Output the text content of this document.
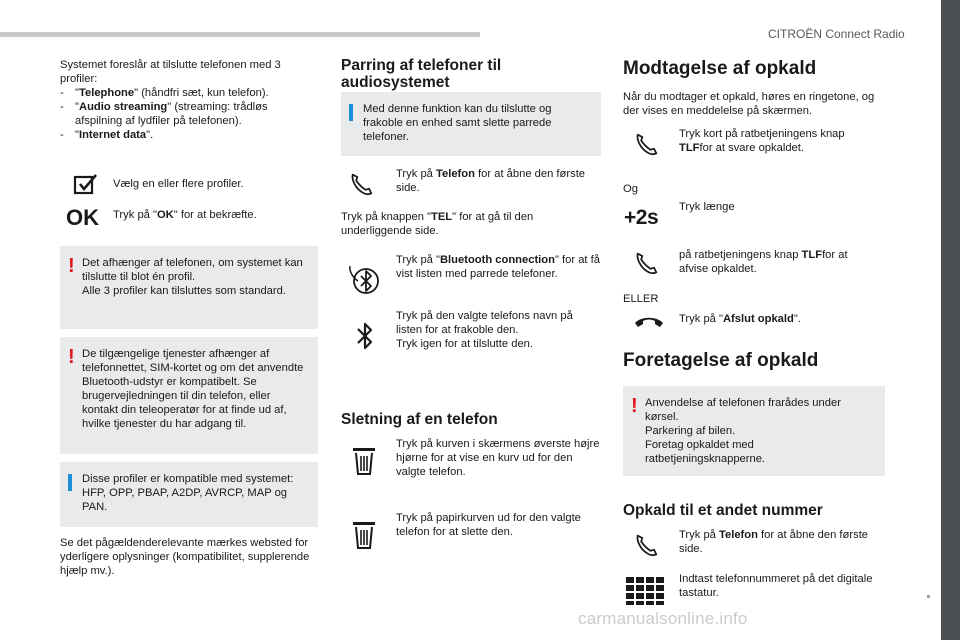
CITROËN Connect Radio
13
Systemet foreslår at tilslutte telefonen med 3 profiler:
- "Telephone" (håndfri sæt, kun telefon).
- "Audio streaming" (streaming: trådløs afspilning af lydfiler på telefonen).
- "Internet data".
Vælg en eller flere profiler.
OK Tryk på "OK" for at bekræfte.
! Det afhænger af telefonen, om systemet kan tilslutte til blot én profil.
Alle 3 profiler kan tilsluttes som standard.
! De tilgængelige tjenester afhænger af telefonnettet, SIM-kortet og om det anvendte Bluetooth-udstyr er kompatibelt. Se brugervejledningen til din telefon, eller kontakt din teleoperatør for at finde ud af, hvilke tjenester du har adgang til.
Disse profiler er kompatible med systemet: HFP, OPP, PBAP, A2DP, AVRCP, MAP og PAN.
Se det pågældenderelevante mærkes websted for yderligere oplysninger (kompatibilitet, supplerende hjælp mv.).
Parring af telefoner til audiosystemet
Med denne funktion kan du tilslutte og frakoble en enhed samt slette parrede telefoner.
Tryk på Telefon for at åbne den første side.
Tryk på knappen "TEL" for at gå til den underliggende side.
Tryk på "Bluetooth connection" for at få vist listen med parrede telefoner.
Tryk på den valgte telefons navn på listen for at frakoble den.
Tryk igen for at tilslutte den.
Sletning af en telefon
Tryk på kurven i skærmens øverste højre hjørne for at vise en kurv ud for den valgte telefon.
Tryk på papirkurven ud for den valgte telefon for at slette den.
Modtagelse af opkald
Når du modtager et opkald, høres en ringetone, og der vises en meddelelse på skærmen.
Tryk kort på ratbetjeningens knap TLFfor at svare opkaldet.
Og
+2s Tryk længe
på ratbetjeningens knap TLFfor at afvise opkaldet.
ELLER
Tryk på "Afslut opkald".
Foretagelse af opkald
! Anvendelse af telefonen frarådes under kørsel.
Parkering af bilen.
Foretag opkaldet med ratbetjeningsknapperne.
Opkald til et andet nummer
Tryk på Telefon for at åbne den første side.
Indtast telefonnummeret på det digitale tastatur.
carmanualsonline.info
